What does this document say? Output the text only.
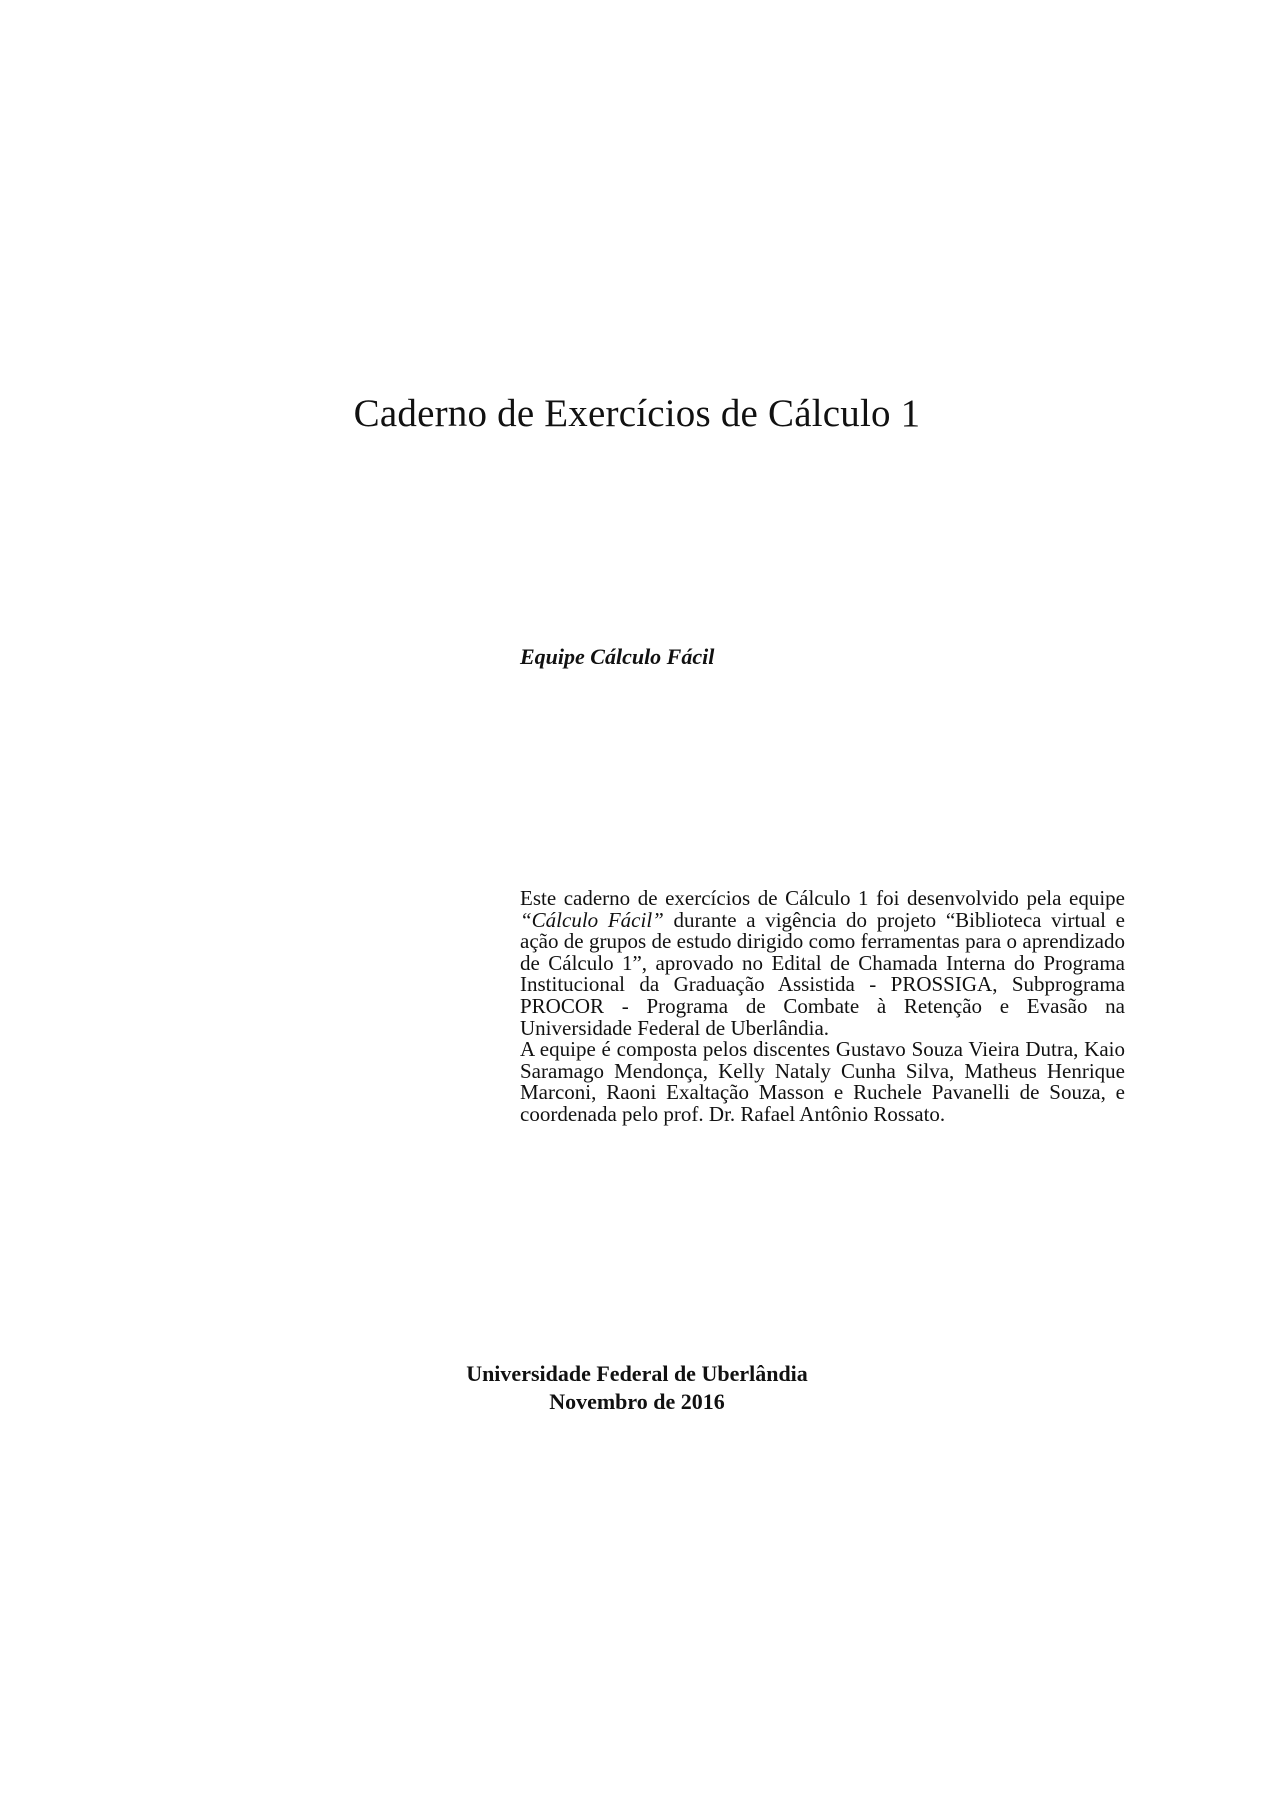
Caderno de Exercícios de Cálculo 1
Equipe Cálculo Fácil

Este caderno de exercícios de Cálculo 1 foi desenvolvido pela equipe “Cálculo Fácil” durante a vigência do projeto “Biblioteca virtual e ação de grupos de estudo dirigido como ferramentas para o aprendizado de Cálculo 1”, aprovado no Edital de Chamada Interna do Programa Institucional da Graduação Assistida - PROSSIGA, Subprograma PROCOR - Programa de Combate à Retenção e Evasão na Universidade Federal de Uberlândia.

A equipe é composta pelos discentes Gustavo Souza Vieira Dutra, Kaio Saramago Mendonça, Kelly Nataly Cunha Silva, Matheus Henrique Marconi, Raoni Exaltação Masson e Ruchele Pavanelli de Souza, e coordenada pelo prof. Dr. Rafael Antônio Rossato.

Universidade Federal de Uberlândia
Novembro de 2016
